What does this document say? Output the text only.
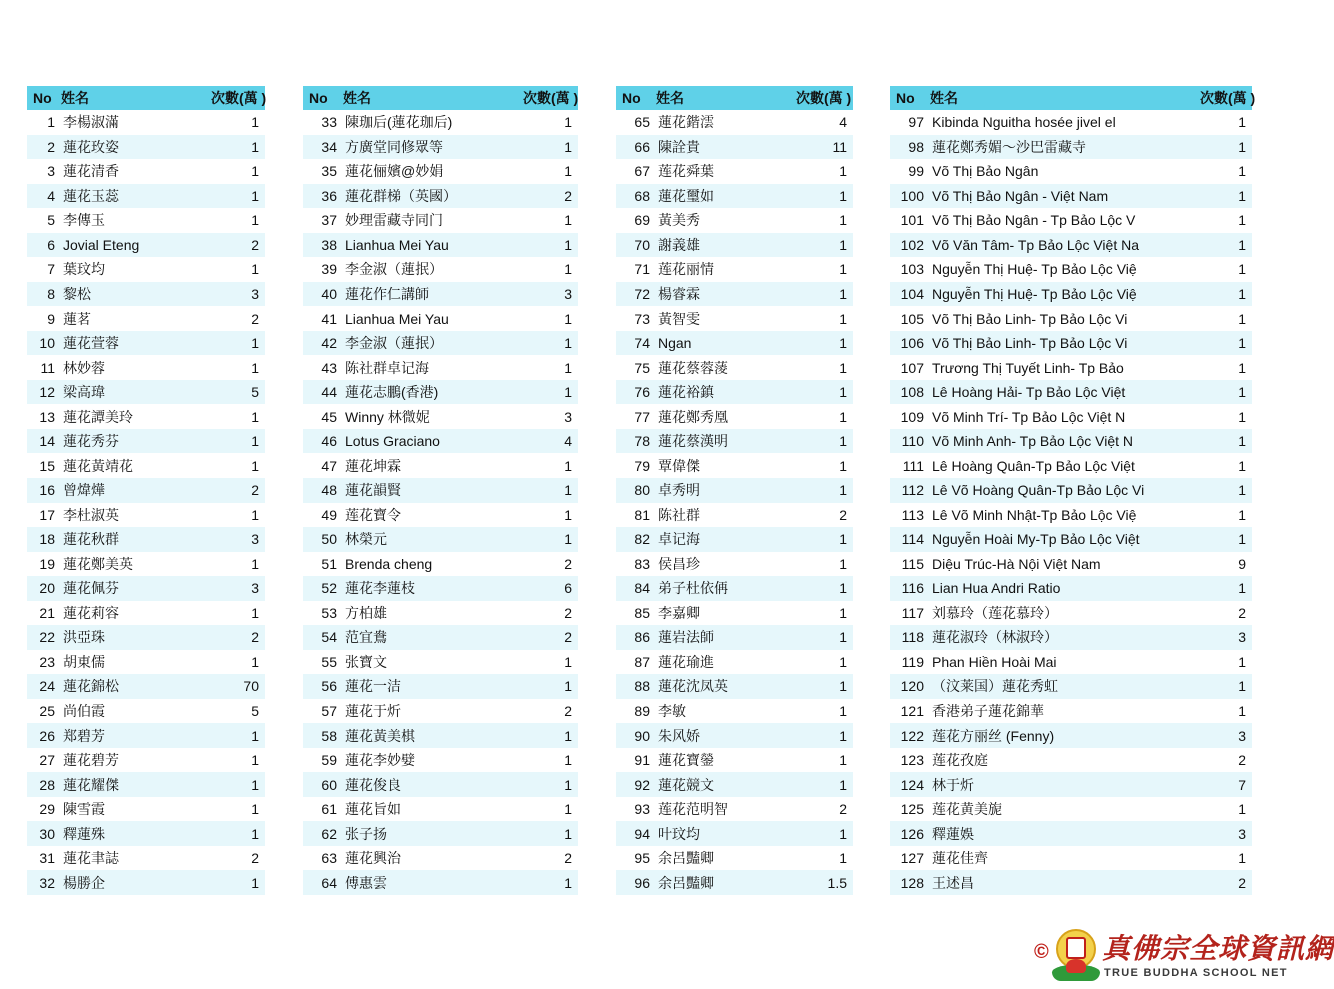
No	姓名	次數(萬 )
1	李楊淑滿	1
2	蓮花玫姿	1
3	蓮花清香	1
4	蓮花玉蕊	1
5	李傳玉	1
6	Jovial Eteng	2
7	葉玟均	1
8	黎松	3
9	蓮茗	2
10	蓮花萱蓉	1
11	林妙蓉	1
12	梁高瑋	5
13	蓮花譚美玲	1
14	蓮花秀芬	1
15	蓮花黃靖花	1
16	曾煒燁	2
17	李杜淑英	1
18	蓮花秋群	3
19	蓮花鄭美英	1
20	蓮花佩芬	3
21	蓮花莉容	1
22	洪亞珠	2
23	胡東儒	1
24	蓮花錦松	70
25	尚伯霞	5
26	郑碧芳	1
27	蓮花碧芳	1
28	蓮花耀傑	1
29	陳雪霞	1
30	釋蓮殊	1
31	蓮花聿誌	2
32	楊勝企	1
No	姓名	次數(萬 )
33	陳珈后(蓮花珈后)	1
34	方廣堂同修眾等	1
35	蓮花俪嬪@妙娟	1
36	蓮花群梯（英國）	2
37	妙理雷藏寺同门	1
38	Lianhua Mei Yau	1
39	李金淑（蓮抿）	1
40	蓮花作仁講師	3
41	Lianhua Mei Yau	1
42	李金淑（蓮抿）	1
43	陈社群卓记海	1
44	蓮花志鵬(香港)	1
45	Winny 林微妮	3
46	Lotus Graciano	4
47	蓮花坤霖	1
48	蓮花韻賢	1
49	莲花寶令	1
50	林榮元	1
51	Brenda cheng	2
52	蓮花李蓮枝	6
53	方柏雄	2
54	范宜鴦	2
55	张寶文	1
56	蓮花一洁	1
57	蓮花于炘	2
58	蓮花黃美棋	1
59	蓮花李妙嬖	1
60	蓮花俊良	1
61	蓮花旨如	1
62	张子扬	1
63	蓮花興治	2
64	傅惠雲	1
No	姓名	次數(萬 )
65	蓮花鍇澐	4
66	陳詮貴	11
67	莲花舜葉	1
68	蓮花璽如	1
69	黃美秀	1
70	謝義雄	1
71	莲花丽情	1
72	楊睿霖	1
73	黃智雯	1
74	Ngan	1
75	蓮花蔡蓉蔆	1
76	蓮花裕鎮	1
77	蓮花鄭秀凰	1
78	蓮花蔡漢明	1
79	覃偉傑	1
80	卓秀明	1
81	陈社群	2
82	卓记海	1
83	侯昌珍	1
84	弟子杜依侢	1
85	李嘉卿	1
86	蓮岩法師	1
87	蓮花瑜進	1
88	蓮花沈凤英	1
89	李敏	1
90	朱风娇	1
91	蓮花寶鎣	1
92	蓮花競文	1
93	莲花范明智	2
94	叶玟均	1
95	余呂豔卿	1
96	余呂豔卿	1.5
No	姓名	次數(萬 )
97	Kibinda Nguitha hosée jivel el	1
98	蓮花鄭秀媚～沙巴雷藏寺	1
99	Võ Thị Bảo Ngân	1
100	Võ Thị Bảo Ngân - Việt Nam	1
101	Võ Thị Bảo Ngân - Tp Bảo Lộc V	1
102	Võ Văn Tâm- Tp Bảo Lộc Việt Na	1
103	Nguyễn Thị Huệ- Tp Bảo Lộc Việ	1
104	Nguyễn Thị Huệ- Tp Bảo Lộc Việ	1
105	Võ Thị Bảo Linh- Tp Bảo Lộc Vi	1
106	Võ Thị Bảo Linh- Tp Bảo Lộc Vi	1
107	Trương Thị Tuyết Linh- Tp Bảo	1
108	Lê Hoàng Hải- Tp Bảo Lộc Việt	1
109	Võ Minh Trí- Tp Bảo Lộc Việt N	1
110	Võ Minh Anh- Tp Bảo Lộc Việt N	1
111	Lê Hoàng Quân-Tp Bảo Lộc Việt	1
112	Lê Võ Hoàng Quân-Tp Bảo Lộc Vi	1
113	Lê Võ Minh Nhật-Tp Bảo Lộc Việ	1
114	Nguyễn Hoài My-Tp Bảo Lộc Việt	1
115	Diệu Trúc-Hà Nội Việt Nam	9
116	Lian Hua Andri Ratio	1
117	刘慕玲（莲花慕玲）	2
118	蓮花淑玲（林淑玲）	3
119	Phan Hiền Hoài Mai	1
120	（汶莱国）蓮花秀虹	1
121	香港弟子蓮花錦華	1
122	莲花方丽丝 (Fenny)	3
123	莲花孜庭	2
124	林于炘	7
125	莲花黄美旎	1
126	釋蓮娛	3
127	蓮花佳齊	1
128	王述昌	2
© 真佛宗全球資訊網
TRUE BUDDHA SCHOOL NET
